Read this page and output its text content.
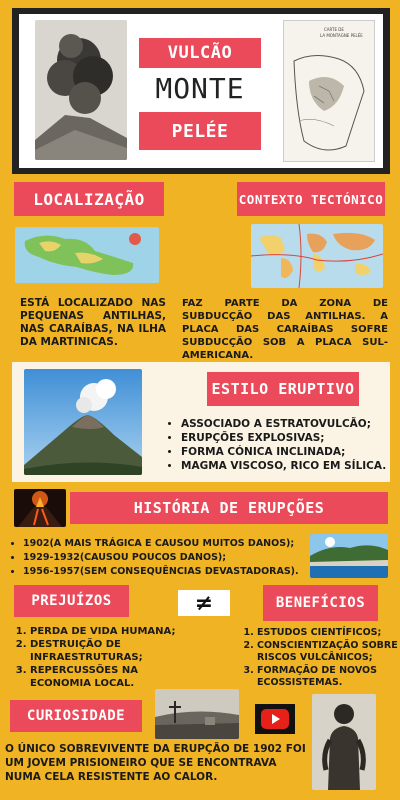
VULCÃO
MONTE
PELÉE
CARTE DE
LA MONTAGNE PELÉE
LOCALIZAÇÃO
ESTÁ LOCALIZADO NAS PEQUENAS ANTILHAS, NAS CARAÍBAS, NA ILHA DA MARTINICAS.
CONTEXTO TECTÓNICO
FAZ PARTE DA ZONA DE SUBDUCÇÃO DAS ANTILHAS. A PLACA DAS CARAÍBAS SOFRE SUBDUCÇÃO SOB A PLACA SUL-AMERICANA.
ESTILO ERUPTIVO
• ASSOCIADO A ESTRATOVULCÃO;
• ERUPÇÕES EXPLOSIVAS;
• FORMA CÓNICA INCLINADA;
• MAGMA VISCOSO, RICO EM SÍLICA.
HISTÓRIA DE ERUPÇÕES
• 1902(A MAIS TRÁGICA E CAUSOU MUITOS DANOS);
• 1929-1932(CAUSOU POUCOS DANOS);
• 1956-1957(SEM CONSEQUÊNCIAS DEVASTADORAS).
PREJUÍZOS
1. PERDA DE VIDA HUMANA;
2. DESTRUIÇÃO DE INFRAESTRUTURAS;
3. REPERCUSSÕES NA ECONOMIA LOCAL.
≠	BENEFÍCIOS
1. ESTUDOS CIENTÍFICOS;
2. CONSCIENTIZAÇÃO SOBRE RISCOS VULCÂNICOS;
3. FORMAÇÃO DE NOVOS ECOSSISTEMAS.
CURIOSIDADE
O ÚNICO SOBREVIVENTE DA ERUPÇÃO DE 1902 FOI UM JOVEM PRISIONEIRO QUE SE ENCONTRAVA NUMA CELA RESISTENTE AO CALOR.
